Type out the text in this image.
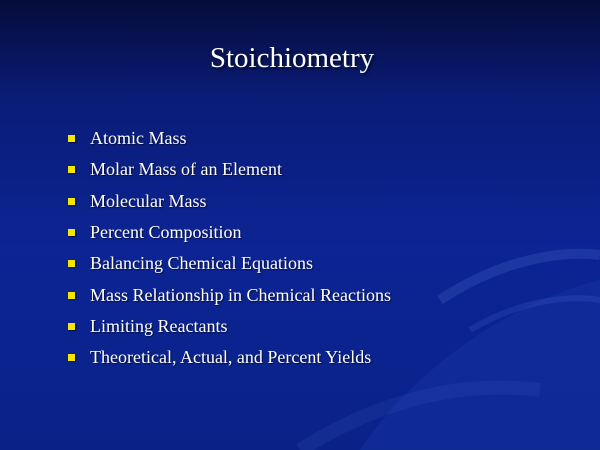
Stoichiometry
Atomic Mass
Molar Mass of an Element
Molecular Mass
Percent Composition
Balancing Chemical Equations
Mass Relationship in Chemical Reactions
Limiting Reactants
Theoretical, Actual, and Percent Yields
